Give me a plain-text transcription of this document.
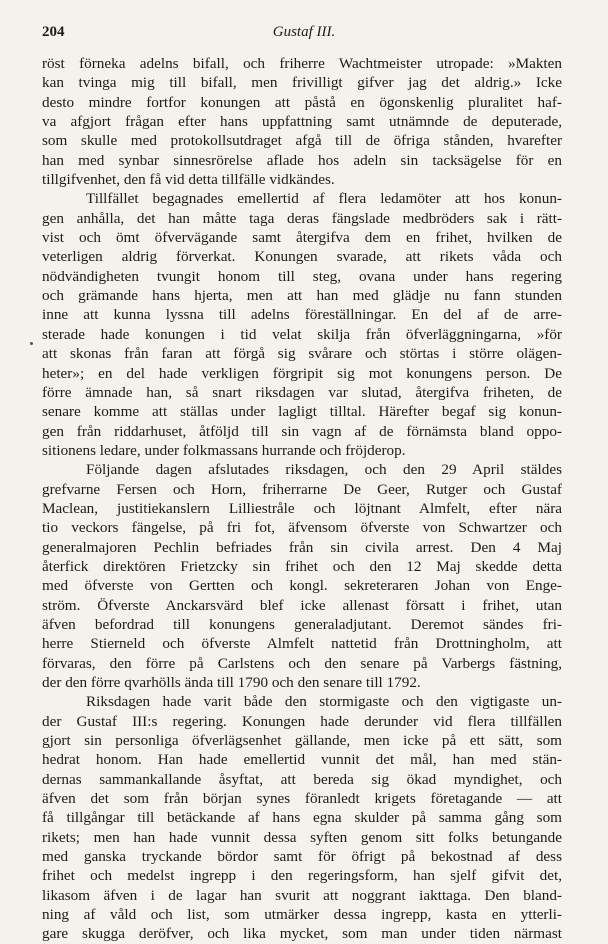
204	Gustaf III.
röst förneka adelns bifall, och friherre Wachtmeister utropade: »Makten
kan tvinga mig till bifall, men frivilligt gifver jag det aldrig.» Icke
desto mindre fortfor konungen att påstå en ögonskenlig pluralitet haf-
va afgjort frågan efter hans uppfattning samt utnämnde de deputerade,
som skulle med protokollsutdraget afgå till de öfriga stånden, hvarefter
han med synbar sinnesrörelse aflade hos adeln sin tacksägelse för en
tillgifvenhet, den få vid detta tillfälle vidkändes.
Tillfället begagnades emellertid af flera ledamöter att hos konun-
gen anhålla, det han måtte taga deras fängslade medbröders sak i rätt-
vist och ömt öfvervägande samt återgifva dem en frihet, hvilken de
veterligen aldrig förverkat. Konungen svarade, att rikets våda och
nödvändigheten tvungit honom till steg, ovana under hans regering
och grämande hans hjerta, men att han med glädje nu fann stunden
inne att kunna lyssna till adelns föreställningar. En del af de arre-
sterade hade konungen i tid velat skilja från öfverläggningarna, »för
att skonas från faran att förgå sig svårare och störtas i större olägen-
heter»; en del hade verkligen förgripit sig mot konungens person. De
förre ämnade han, så snart riksdagen var slutad, återgifva friheten, de
senare komme att ställas under lagligt tilltal. Härefter begaf sig konun-
gen från riddarhuset, åtföljd till sin vagn af de förnämsta bland oppo-
sitionens ledare, under folkmassans hurrande och fröjderop.
Följande dagen afslutades riksdagen, och den 29 April stäldes
grefvarne Fersen och Horn, friherrarne De Geer, Rutger och Gustaf
Maclean, justitiekanslern Lilliestråle och löjtnant Almfelt, efter nära
tio veckors fängelse, på fri fot, äfvensom öfverste von Schwartzer och
generalmajoren Pechlin befriades från sin civila arrest. Den 4 Maj
återfick direktören Frietzcky sin frihet och den 12 Maj skedde detta
med öfverste von Gertten och kongl. sekreteraren Johan von Enge-
ström. Öfverste Anckarsvärd blef icke allenast försatt i frihet, utan
äfven befordrad till konungens generaladjutant. Deremot sändes fri-
herre Stierneld och öfverste Almfelt nattetid från Drottningholm, att
förvaras, den förre på Carlstens och den senare på Varbergs fästning,
der den förre qvarhölls ända till 1790 och den senare till 1792.
Riksdagen hade varit både den stormigaste och den vigtigaste un-
der Gustaf III:s regering. Konungen hade derunder vid flera tillfällen
gjort sin personliga öfverlägsenhet gällande, men icke på ett sätt, som
hedrat honom. Han hade emellertid vunnit det mål, han med stän-
dernas sammankallande åsyftat, att bereda sig ökad myndighet, och
äfven det som från början synes föranledt krigets företagande — att
få tillgångar till betäckande af hans egna skulder på samma gång som
rikets; men han hade vunnit dessa syften genom sitt folks betungande
med ganska tryckande bördor samt för öfrigt på bekostnad af dess
frihet och medelst ingrepp i den regeringsform, han sjelf gifvit det,
likasom äfven i de lagar han svurit att noggrant iakttaga. Den bland-
ning af våld och list, som utmärker dessa ingrepp, kasta en ytterli-
gare skugga deröfver, och lika mycket, som man under tiden närmast
